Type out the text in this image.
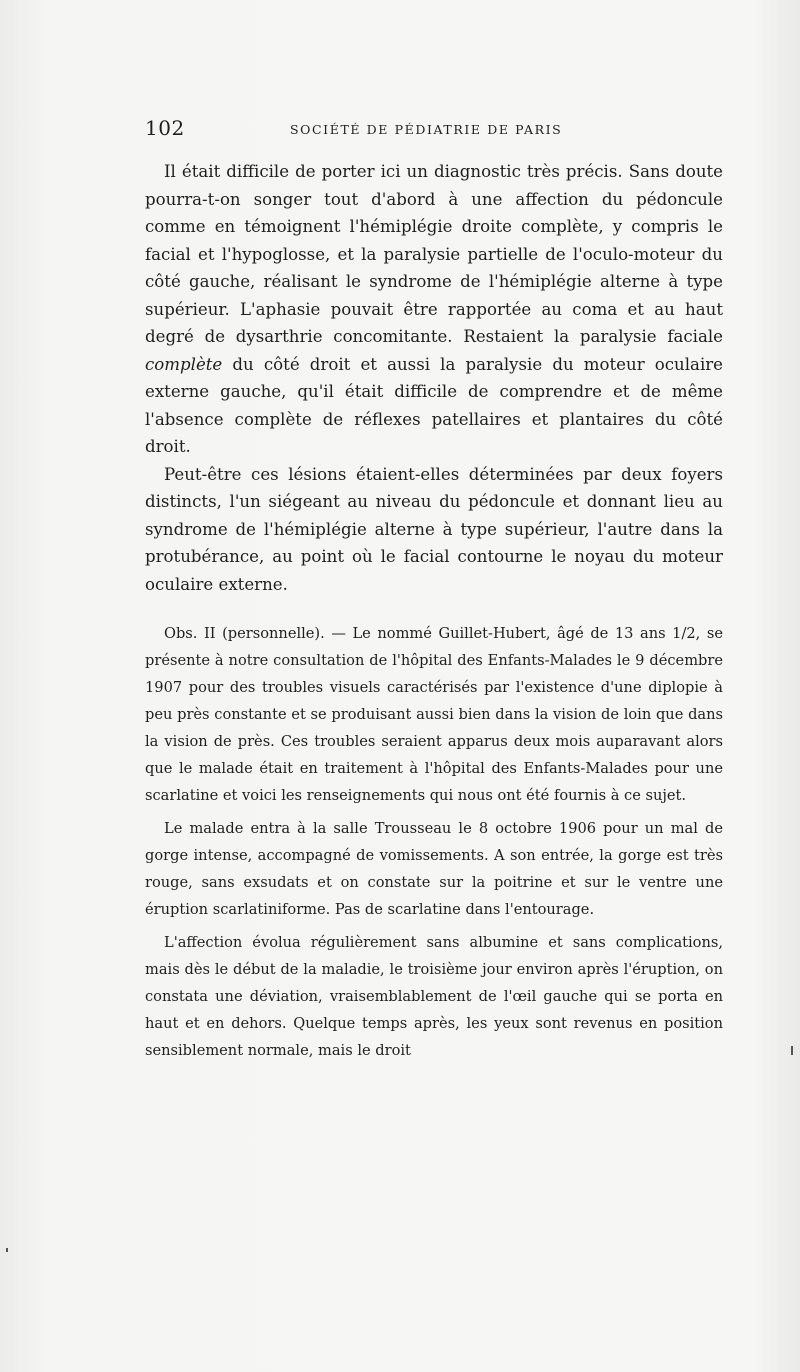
102	SOCIÉTÉ DE PÉDIATRIE DE PARIS

Il était difficile de porter ici un diagnostic très précis. Sans doute pourra-t-on songer tout d'abord à une affection du pédoncule comme en témoignent l'hémiplégie droite complète, y compris le facial et l'hypoglosse, et la paralysie partielle de l'oculo-moteur du côté gauche, réalisant le syndrome de l'hémiplégie alterne à type supérieur. L'aphasie pouvait être rapportée au coma et au haut degré de dysarthrie concomitante. Restaient la paralysie faciale complète du côté droit et aussi la paralysie du moteur oculaire externe gauche, qu'il était difficile de comprendre et de même l'absence complète de réflexes patellaires et plantaires du côté droit.

Peut-être ces lésions étaient-elles déterminées par deux foyers distincts, l'un siégeant au niveau du pédoncule et donnant lieu au syndrome de l'hémiplégie alterne à type supérieur, l'autre dans la protubérance, au point où le facial contourne le noyau du moteur oculaire externe.

Obs. II (personnelle). — Le nommé Guillet-Hubert, âgé de 13 ans 1/2, se présente à notre consultation de l'hôpital des Enfants-Malades le 9 décembre 1907 pour des troubles visuels caractérisés par l'existence d'une diplopie à peu près constante et se produisant aussi bien dans la vision de loin que dans la vision de près. Ces troubles seraient apparus deux mois auparavant alors que le malade était en traitement à l'hôpital des Enfants-Malades pour une scarlatine et voici les renseignements qui nous ont été fournis à ce sujet.

Le malade entra à la salle Trousseau le 8 octobre 1906 pour un mal de gorge intense, accompagné de vomissements. A son entrée, la gorge est très rouge, sans exsudats et on constate sur la poitrine et sur le ventre une éruption scarlatiniforme. Pas de scarlatine dans l'entourage.

L'affection évolua régulièrement sans albumine et sans complications, mais dès le début de la maladie, le troisième jour environ après l'éruption, on constata une déviation, vraisemblablement de l'œil gauche qui se porta en haut et en dehors. Quelque temps après, les yeux sont revenus en position sensiblement normale, mais le droit
